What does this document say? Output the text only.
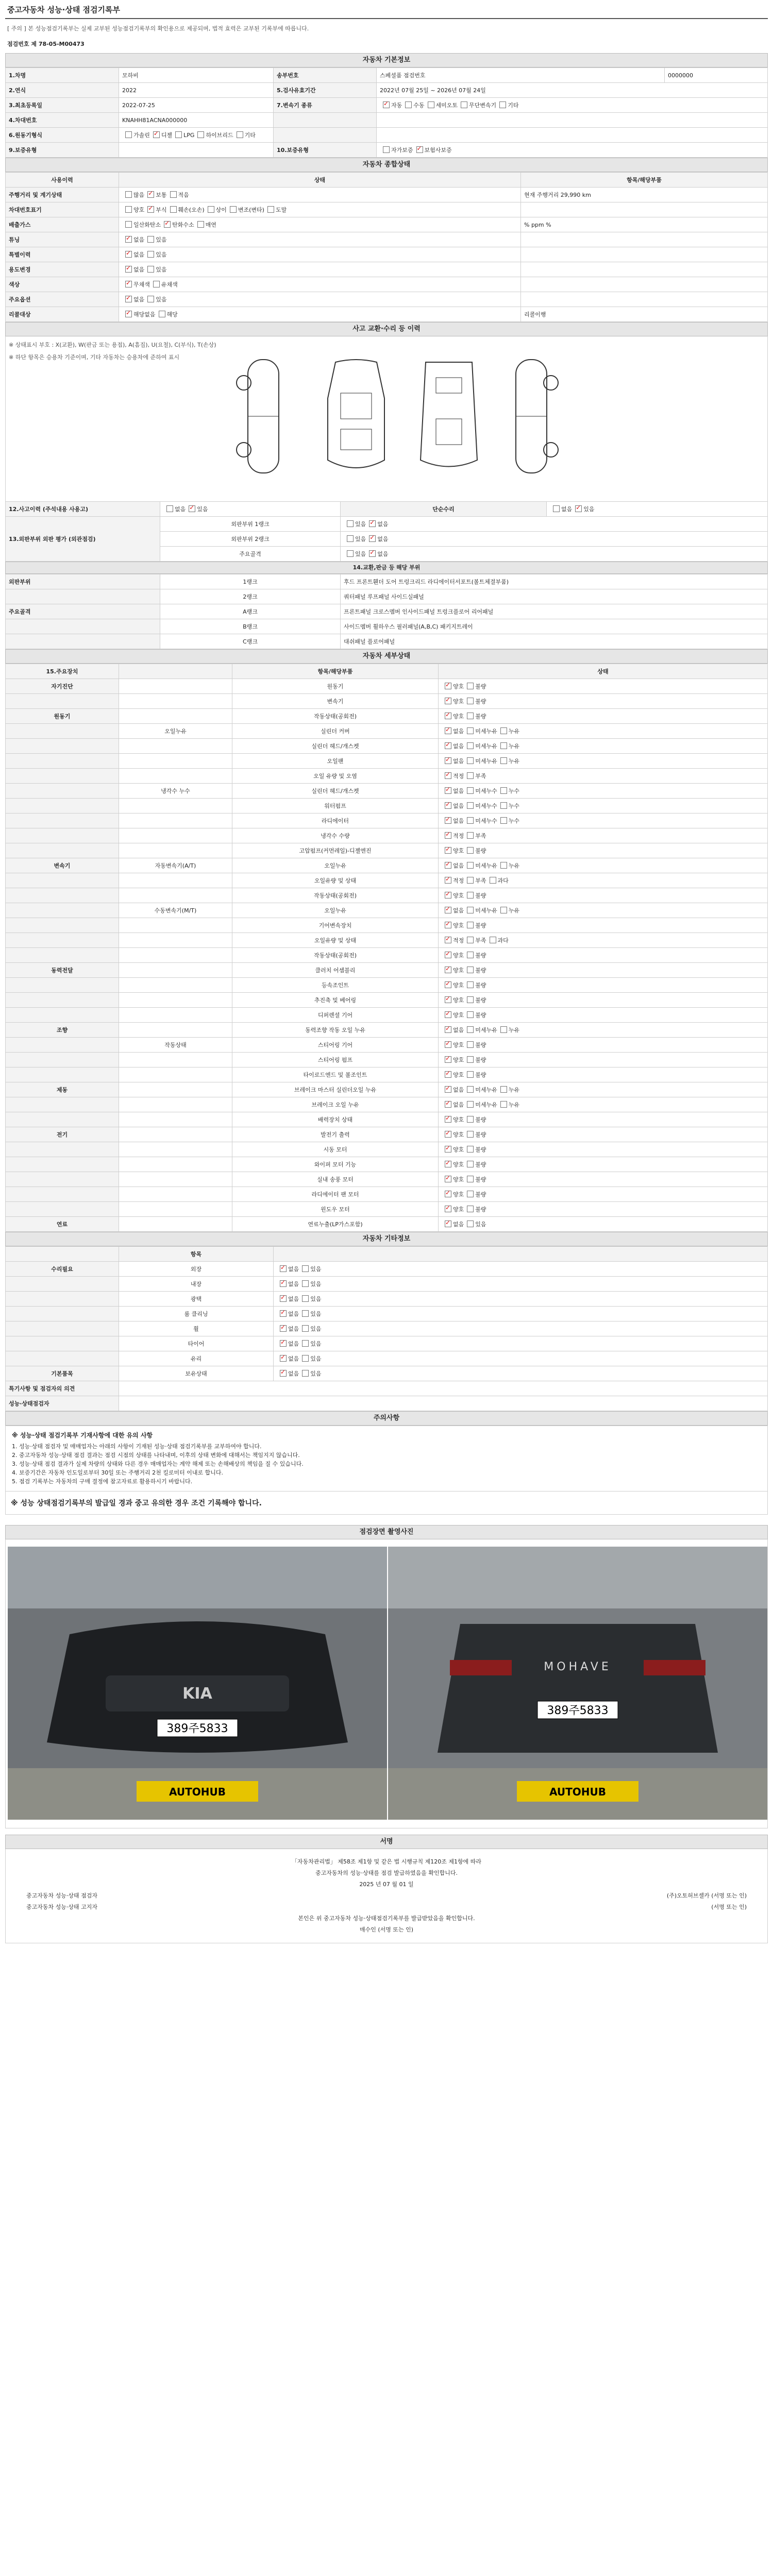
중고자동차 성능·상태 점검기록부
[ 주의 ] 본 성능점검기록부는 실제 교부된 성능점검기록부의 확인용으로 제공되며, 법적 효력은 교부된 기록부에 따릅니다.
점검번호 제 78-05-M00473
자동차 기본정보
1.차명	모하비	송부번호	스페셜품 점검번호	0000000
2.연식	2022	5.검사유효기간	2022년 07월 25일 ~ 2026년 07월 24일	
3.최초등록일	2022-07-25	7.변속기 종류	✓자동 수동 세미오토 무단변속기 기타
4.차대번호	KNAHH81ACNA000000			
6.원동기형식	가솔린 ✓ 디젤 LPG 하이브리드 기타		
9.보증유형		10.보증유형	자가보증 ✓ 보험사보증
자동차 종합상태
사용이력	상태	항목/해당부품
주행거리 및 계기상태	많음 ✓ 보통 적음	현재 주행거리 29,990 km
차대번호표기	양호 ✓ 부식 훼손(오손) 상이 변조(변타) 도말	
배출가스	일산화탄소 ✓ 탄화수소 매연	% ppm %
튜닝	✓없음 있음	
특별이력	✓없음 있음	
용도변경	✓없음 있음	
색상	✓무채색 유채색	
주요옵션	✓없음 있음	
리콜대상	✓해당없음 해당	리콜이행
사고 교환·수리 등 이력
※ 상태표시 부호 : X(교환), W(판금 또는 용접), A(흠집), U(요철), C(부식), T(손상)
※ 하단 항목은 승용차 기준이며, 기타 자동차는 승용차에 준하여 표시
12.사고이력 (주석내용 사용고)	없음 ✓ 있음	단순수리	없음 ✓ 있음
13.외판부위 외판 평가 (외관점검)	외판부위 1랭크	있음 ✓ 없음
	외판부위 2랭크	있음 ✓ 없음
	주요골격	있음 ✓ 없음
14.교환,판금 등 해당 부위
외판부위	1랭크	후드 프론트휀더 도어 트렁크리드 라디에이터서포트(볼트체결부품)
	2랭크	쿼터패널 루프패널 사이드실패널
주요골격	A랭크	프론트패널 크로스멤버 인사이드패널 트렁크플로어 리어패널
	B랭크	사이드멤버 휠하우스 필러패널(A,B,C) 패키지트레이
	C랭크	대쉬패널 플로어패널
자동차 세부상태
15.주요장치		항목/해당부품	상태
자기진단		원동기	✓양호 불량
		변속기	✓양호 불량
원동기		작동상태(공회전)	✓양호 불량
	오일누유	실린더 커버	✓없음 미세누유 누유
		실린더 헤드/개스켓	✓없음 미세누유 누유
		오일팬	✓없음 미세누유 누유
		오일 유량 및 오염	✓적정 부족
	냉각수 누수	실린더 헤드/개스켓	✓없음 미세누수 누수
		워터펌프	✓없음 미세누수 누수
		라디에이터	✓없음 미세누수 누수
		냉각수 수량	✓적정 부족
		고압펌프(커먼레일)-디젤엔진	✓양호 불량
변속기	자동변속기(A/T)	오일누유	✓없음 미세누유 누유
		오일유량 및 상태	✓적정 부족 과다
		작동상태(공회전)	✓양호 불량
	수동변속기(M/T)	오일누유	✓없음 미세누유 누유
		기어변속장치	✓양호 불량
		오일유량 및 상태	✓적정 부족 과다
		작동상태(공회전)	✓양호 불량
동력전달		클러치 어셈블리	✓양호 불량
		등속조인트	✓양호 불량
		추진축 및 베어링	✓양호 불량
		디퍼렌셜 기어	✓양호 불량
조향		동력조향 작동 오일 누유	✓없음 미세누유 누유
	작동상태	스티어링 기어	✓양호 불량
		스티어링 펌프	✓양호 불량
		타이로드엔드 및 볼조인트	✓양호 불량
제동		브레이크 마스터 실린더오일 누유	✓없음 미세누유 누유
		브레이크 오일 누유	✓없음 미세누유 누유
		배력장치 상태	✓양호 불량
전기		발전기 출력	✓양호 불량
		시동 모터	✓양호 불량
		와이퍼 모터 기능	✓양호 불량
		실내 송풍 모터	✓양호 불량
		라디에이터 팬 모터	✓양호 불량
		윈도우 모터	✓양호 불량
연료		연료누출(LP가스포함)	✓없음 있음
자동차 기타정보
	항목	
수리필요	외장	✓없음 있음
	내장	✓없음 있음
	광택	✓없음 있음
	룸 클리닝	✓없음 있음
	휠	✓없음 있음
	타이어	✓없음 있음
	유리	✓없음 있음
기본품목	보유상태	✓없음 있음
특기사항 및 점검자의 의견		
성능·상태점검자		
주의사항
※ 성능·상태 점검기록부 기재사항에 대한 유의 사항
1. 성능·상태 점검자 및 매매업자는 아래의 사항이 기재된 성능·상태 점검기록부를 교부하여야 합니다.
2. 중고자동차 성능·상태 점검 결과는 점검 시점의 상태를 나타내며, 이후의 상태 변화에 대해서는 책임지지 않습니다.
3. 성능·상태 점검 결과가 실제 차량의 상태와 다른 경우 매매업자는 계약 해제 또는 손해배상의 책임을 질 수 있습니다.
4. 보증기간은 자동차 인도일로부터 30일 또는 주행거리 2천 킬로미터 이내로 합니다.
5. 점검 기록부는 자동차의 구매 결정에 참고자료로 활용하시기 바랍니다.
※ 성능 상태점검기록부의 발급일 경과 중고 유의한 경우 조건 기록해야 합니다.
점검장면 촬영사진
KIA
389주5833
AUTOHUB
MOHAVE
389주5833
AUTOHUB
서명
「자동차관리법」 제58조 제1항 및 같은 법 시행규칙 제120조 제1항에 따라
중고자동차의 성능·상태를 점검 발급하였음을 확인합니다.
2025 년 07 월 01 일
중고자동차 성능·상태 점검자	(주)오토허브셀카 (서명 또는 인)
중고자동차 성능·상태 고지자	(서명 또는 인)
본인은 위 중고자동차 성능·상태점검기록부를 발급받았음을 확인합니다.
매수인 (서명 또는 인)
